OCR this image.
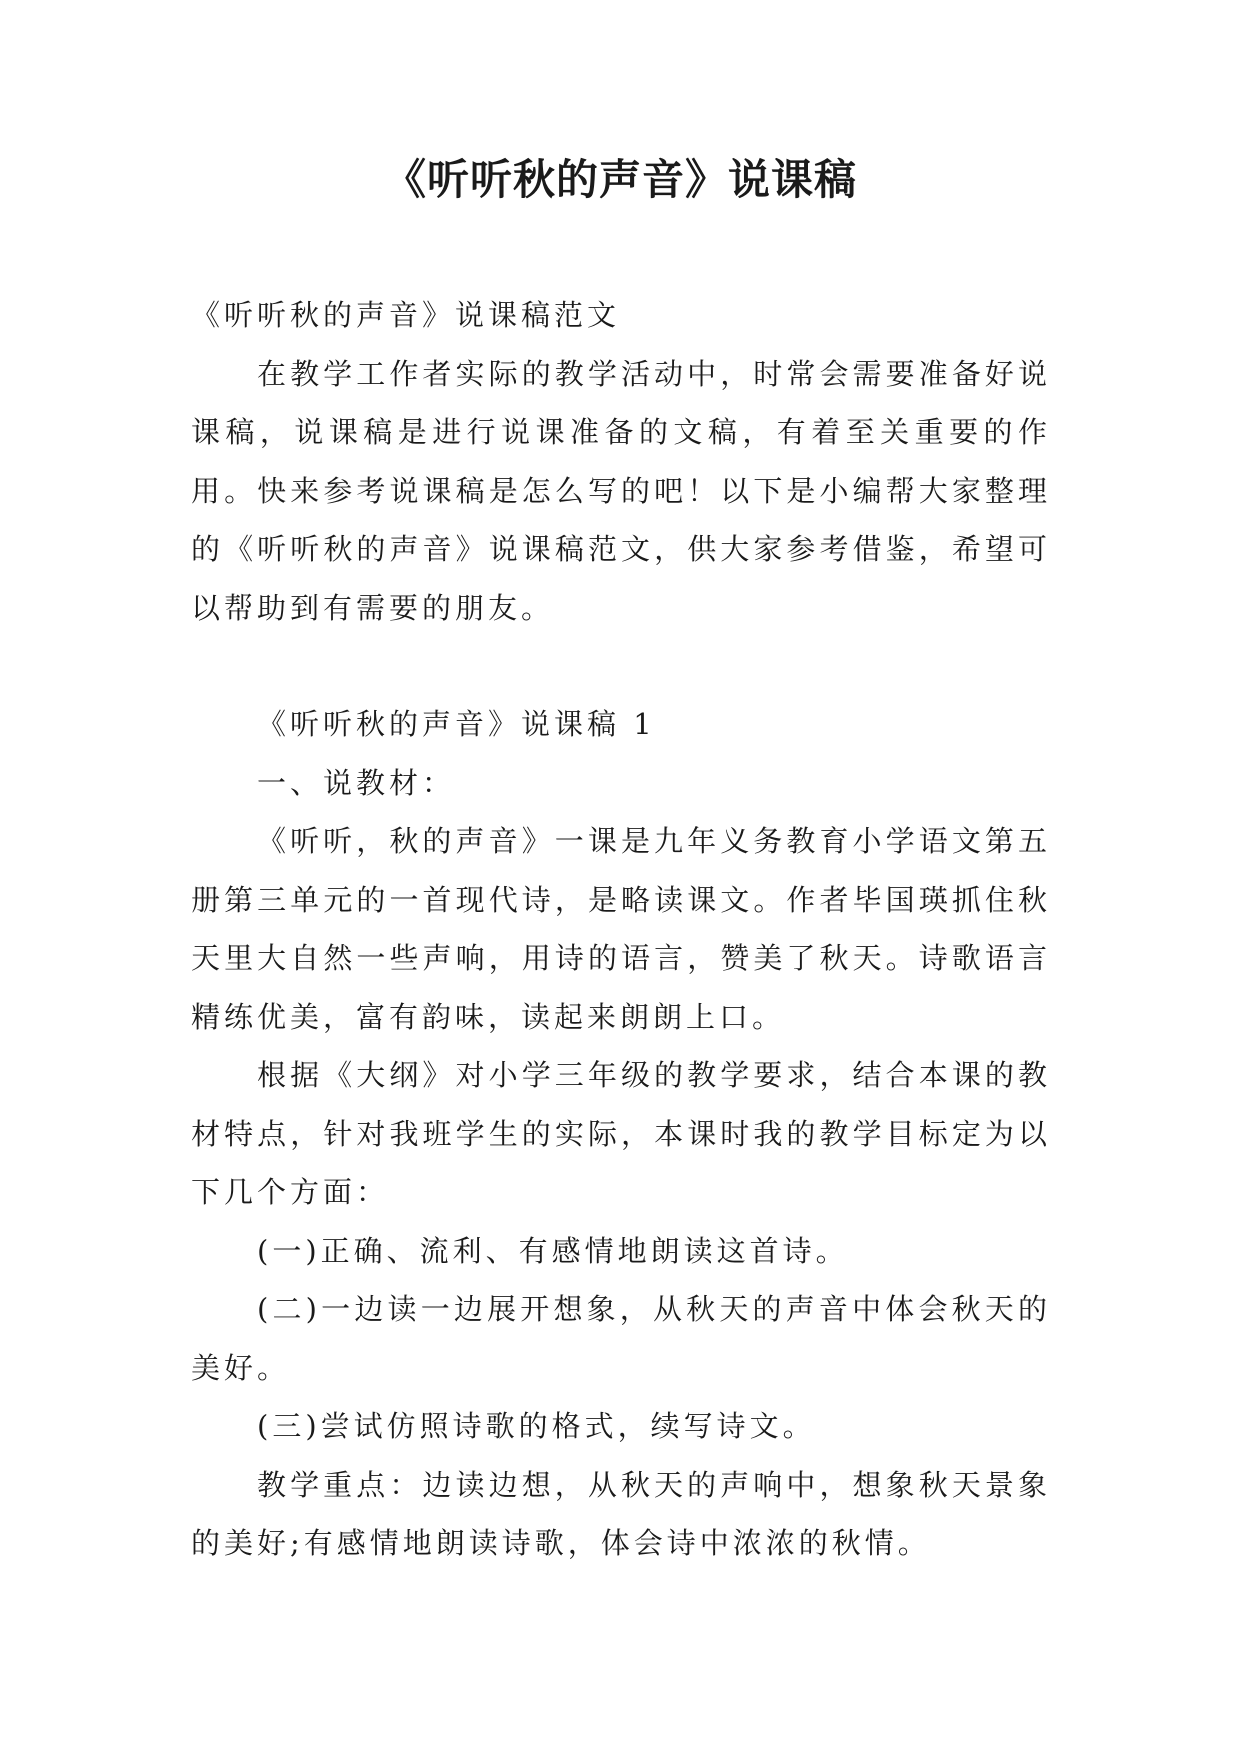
《听听秋的声音》说课稿

《听听秋的声音》说课稿范文

在教学工作者实际的教学活动中，时常会需要准备好说课稿，说课稿是进行说课准备的文稿，有着至关重要的作用。快来参考说课稿是怎么写的吧！以下是小编帮大家整理的《听听秋的声音》说课稿范文，供大家参考借鉴，希望可以帮助到有需要的朋友。

《听听秋的声音》说课稿 1

一、说教材：

《听听，秋的声音》一课是九年义务教育小学语文第五册第三单元的一首现代诗，是略读课文。作者毕国瑛抓住秋天里大自然一些声响，用诗的语言，赞美了秋天。诗歌语言精练优美，富有韵味，读起来朗朗上口。

根据《大纲》对小学三年级的教学要求，结合本课的教材特点，针对我班学生的实际，本课时我的教学目标定为以下几个方面：

(一)正确、流利、有感情地朗读这首诗。

(二)一边读一边展开想象，从秋天的声音中体会秋天的美好。

(三)尝试仿照诗歌的格式，续写诗文。

教学重点：边读边想，从秋天的声响中，想象秋天景象的美好;有感情地朗读诗歌，体会诗中浓浓的秋情。
